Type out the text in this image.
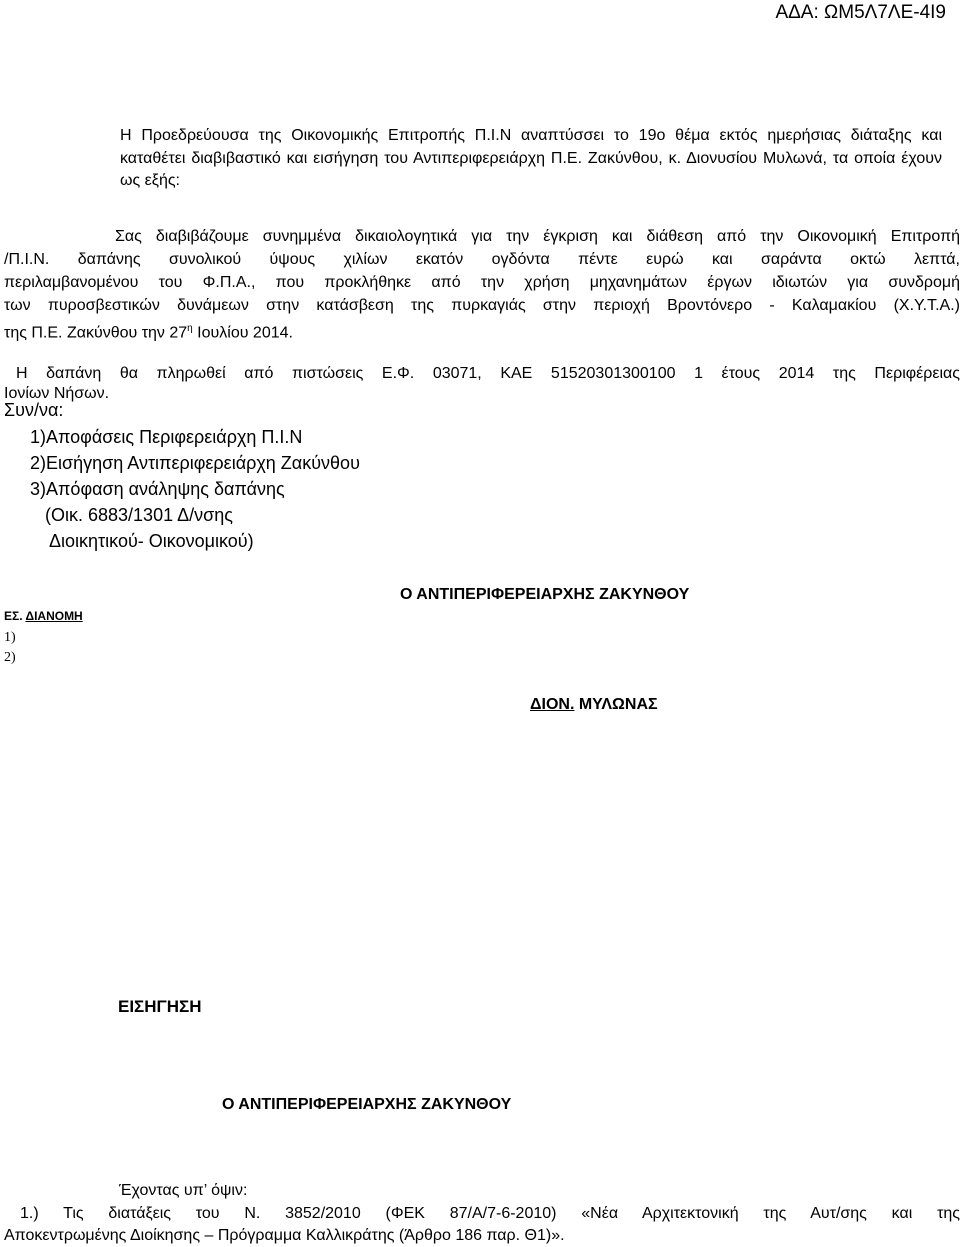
ΑΔΑ: ΩΜ5Λ7ΛΕ-4Ι9
Η Προεδρεύουσα της Οικονομικής Επιτροπής Π.Ι.Ν αναπτύσσει το 19ο θέμα εκτός ημερήσιας διάταξης και καταθέτει διαβιβαστικό και εισήγηση του Αντιπεριφερειάρχη Π.Ε. Ζακύνθου, κ. Διονυσίου Μυλωνά, τα οποία έχουν ως εξής:
Σας διαβιβάζουμε συνημμένα δικαιολογητικά για την έγκριση και διάθεση από την Οικονομική Επιτροπή
/Π.Ι.Ν. δαπάνης συνολικού ύψους χιλίων εκατόν ογδόντα πέντε ευρώ και σαράντα οκτώ λεπτά,
περιλαμβανομένου του Φ.Π.Α., που προκλήθηκε από την χρήση μηχανημάτων έργων ιδιωτών για συνδρομή
των πυροσβεστικών δυνάμεων στην κατάσβεση της πυρκαγιάς στην περιοχή Βροντόνερο - Καλαμακίου (Χ.Υ.Τ.Α.)
της Π.Ε. Ζακύνθου την $27^\eta$ Ιουλίου 2014.
Η δαπάνη θα πληρωθεί από πιστώσεις Ε.Φ. 03071, ΚΑΕ 51520301300100 1 έτους 2014 της Περιφέρειας
Ιονίων Νήσων.
Συν/να:
1)Αποφάσεις Περιφερειάρχη Π.Ι.Ν
2)Εισήγηση Αντιπεριφερειάρχη Ζακύνθου
3)Απόφαση ανάληψης δαπάνης
(Οικ. 6883/1301 Δ/νσης
Διοικητικού- Οικονομικού)
Ο ΑΝΤΙΠΕΡΙΦΕΡΕΙΑΡΧΗΣ ΖΑΚΥΝΘΟΥ
ΕΣ. ΔΙΑΝΟΜΗ
1)
2)
ΔΙΟΝ. ΜΥΛΩΝΑΣ
ΕΙΣΗΓΗΣΗ
Ο ΑΝΤΙΠΕΡΙΦΕΡΕΙΑΡΧΗΣ ΖΑΚΥΝΘΟΥ
Έχοντας υπ’ όψιν:
1.) Τις διατάξεις του Ν. 3852/2010 (ΦΕΚ 87/Α/7-6-2010) «Νέα Αρχιτεκτονική της Αυτ/σης και της
Αποκεντρωμένης Διοίκησης – Πρόγραμμα Καλλικράτης (Άρθρο 186 παρ. Θ1)».
